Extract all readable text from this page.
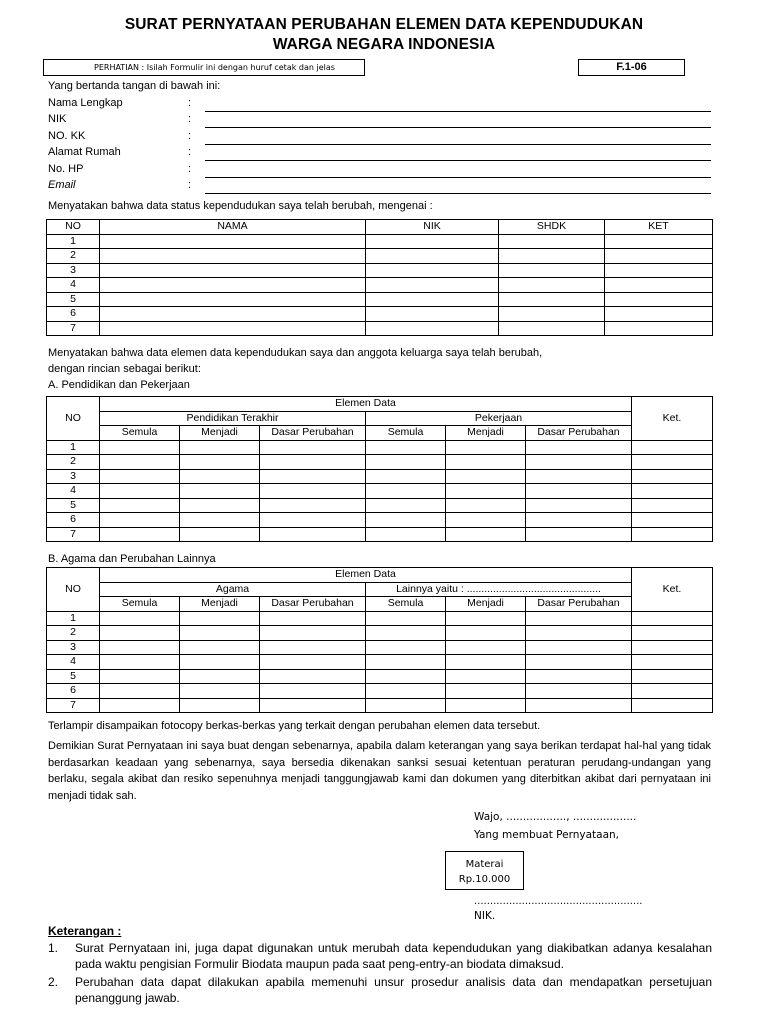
SURAT PERNYATAAN PERUBAHAN ELEMEN DATA KEPENDUDUKAN
WARGA NEGARA INDONESIA
PERHATIAN : Isilah Formulir ini dengan huruf cetak dan jelas	F.1-06
Yang bertanda tangan di bawah ini:
Nama Lengkap	:
NIK	:
NO. KK	:
Alamat Rumah	:
No. HP	:
Email	:
Menyatakan bahwa data status kependudukan saya telah berubah, mengenai :
NO	NAMA	NIK	SHDK	KET
1				
2				
3				
4				
5				
6				
7				
Menyatakan bahwa data elemen data kependudukan saya dan anggota keluarga saya telah berubah,
dengan rincian sebagai berikut:
A. Pendidikan dan Pekerjaan
NO	Elemen Data						Ket.
	Pendidikan Terakhir			Pekerjaan			
	Semula	Menjadi	Dasar Perubahan	Semula	Menjadi	Dasar Perubahan	
1							
2							
3							
4							
5							
6							
7							
B. Agama dan Perubahan Lainnya
NO	Elemen Data						Ket.
	Agama			Lainnya yaitu : ..............................................			
	Semula	Menjadi	Dasar Perubahan	Semula	Menjadi	Dasar Perubahan	
1							
2							
3							
4							
5							
6							
7							
Terlampir disampaikan fotocopy berkas-berkas yang terkait dengan perubahan elemen data tersebut.
Demikian Surat Pernyataan ini saya buat dengan sebenarnya, apabila dalam keterangan yang saya berikan terdapat hal-hal yang tidak berdasarkan keadaan yang sebenarnya, saya bersedia dikenakan sanksi sesuai ketentuan peraturan perudang-undangan yang berlaku, segala akibat dan resiko sepenuhnya menjadi tanggungjawab kami dan dokumen yang diterbitkan akibat dari pernyataan ini menjadi tidak sah.
Wajo, .................., ...................
Yang membuat Pernyataan,
Materai
Rp.10.000
.....................................................
NIK.
Keterangan :
1. Surat Pernyataan ini, juga dapat digunakan untuk merubah data kependudukan yang diakibatkan adanya kesalahan pada waktu pengisian Formulir Biodata maupun pada saat peng-entry-an biodata dimaksud.
2. Perubahan data dapat dilakukan apabila memenuhi unsur prosedur analisis data dan mendapatkan persetujuan penanggung jawab.
